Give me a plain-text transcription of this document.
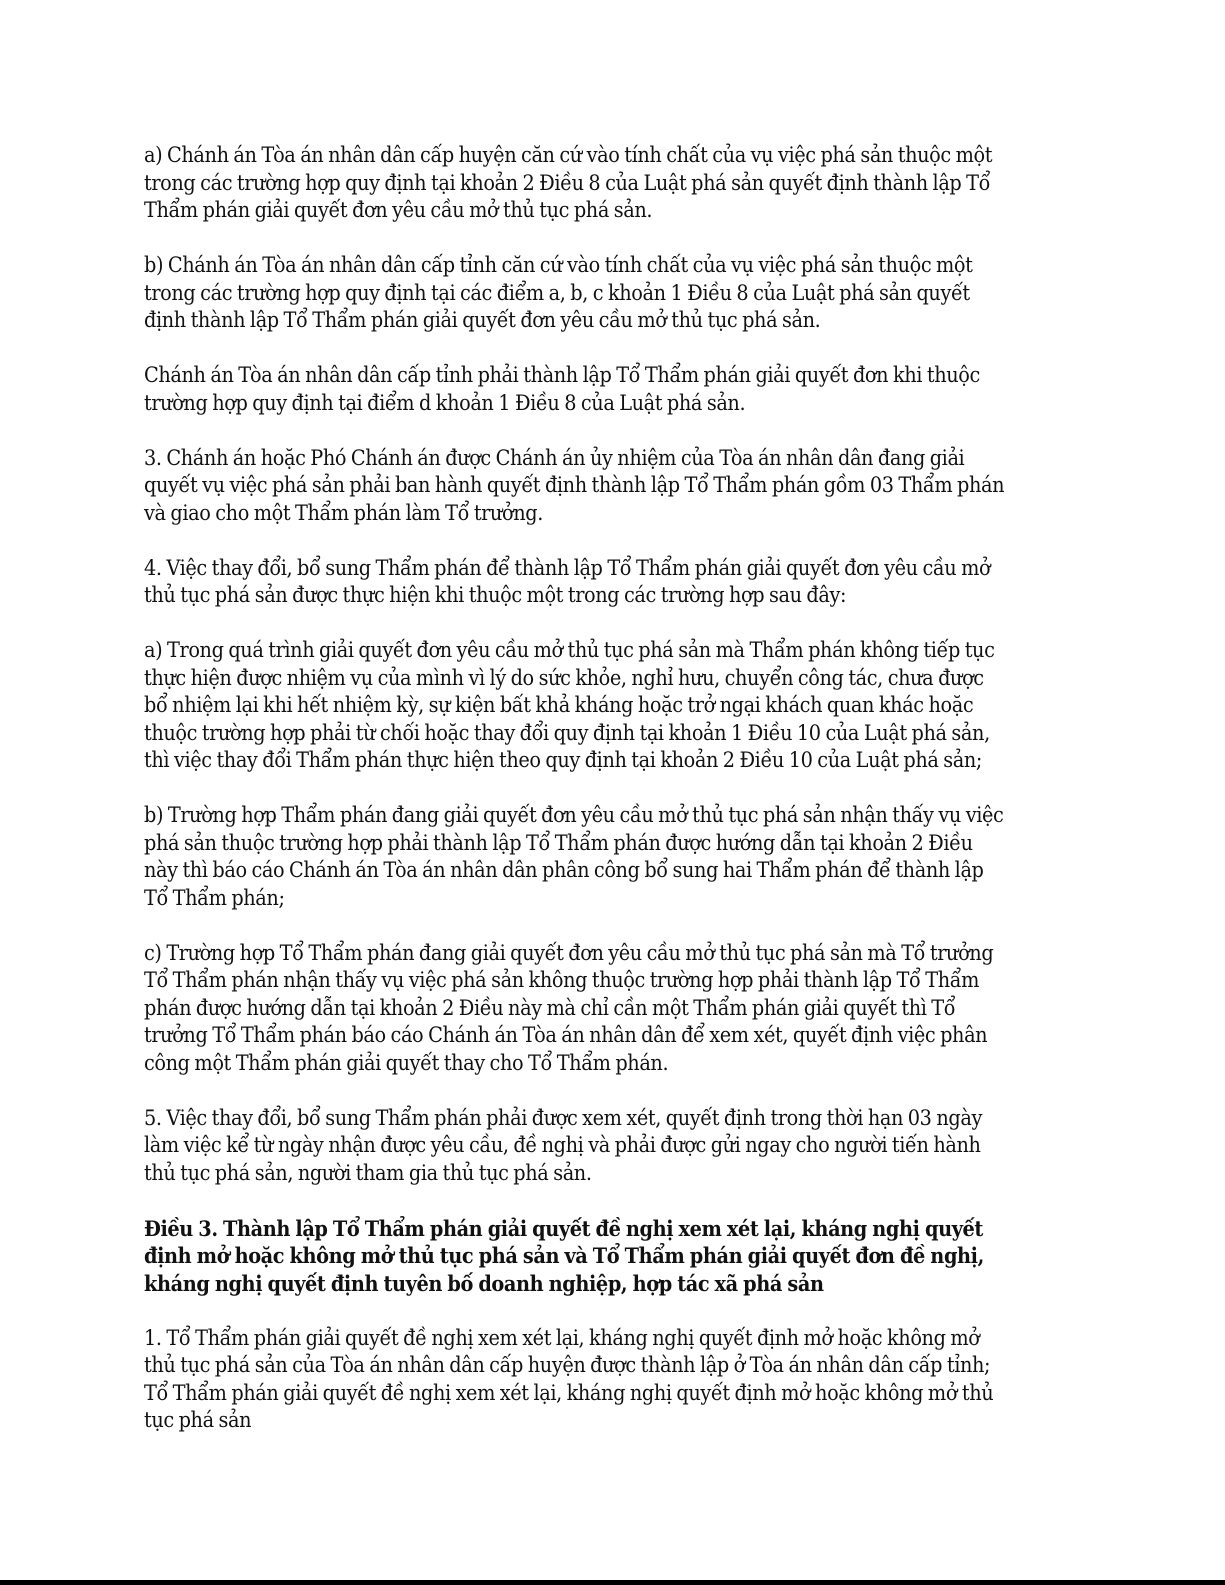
a) Chánh án Tòa án nhân dân cấp huyện căn cứ vào tính chất của vụ việc phá sản thuộc một trong các trường hợp quy định tại khoản 2 Điều 8 của Luật phá sản quyết định thành lập Tổ Thẩm phán giải quyết đơn yêu cầu mở thủ tục phá sản.

b) Chánh án Tòa án nhân dân cấp tỉnh căn cứ vào tính chất của vụ việc phá sản thuộc một trong các trường hợp quy định tại các điểm a, b, c khoản 1 Điều 8 của Luật phá sản quyết định thành lập Tổ Thẩm phán giải quyết đơn yêu cầu mở thủ tục phá sản.

Chánh án Tòa án nhân dân cấp tỉnh phải thành lập Tổ Thẩm phán giải quyết đơn khi thuộc trường hợp quy định tại điểm d khoản 1 Điều 8 của Luật phá sản.

3. Chánh án hoặc Phó Chánh án được Chánh án ủy nhiệm của Tòa án nhân dân đang giải quyết vụ việc phá sản phải ban hành quyết định thành lập Tổ Thẩm phán gồm 03 Thẩm phán và giao cho một Thẩm phán làm Tổ trưởng.

4. Việc thay đổi, bổ sung Thẩm phán để thành lập Tổ Thẩm phán giải quyết đơn yêu cầu mở thủ tục phá sản được thực hiện khi thuộc một trong các trường hợp sau đây:

a) Trong quá trình giải quyết đơn yêu cầu mở thủ tục phá sản mà Thẩm phán không tiếp tục thực hiện được nhiệm vụ của mình vì lý do sức khỏe, nghỉ hưu, chuyển công tác, chưa được bổ nhiệm lại khi hết nhiệm kỳ, sự kiện bất khả kháng hoặc trở ngại khách quan khác hoặc thuộc trường hợp phải từ chối hoặc thay đổi quy định tại khoản 1 Điều 10 của Luật phá sản, thì việc thay đổi Thẩm phán thực hiện theo quy định tại khoản 2 Điều 10 của Luật phá sản;

b) Trường hợp Thẩm phán đang giải quyết đơn yêu cầu mở thủ tục phá sản nhận thấy vụ việc phá sản thuộc trường hợp phải thành lập Tổ Thẩm phán được hướng dẫn tại khoản 2 Điều này thì báo cáo Chánh án Tòa án nhân dân phân công bổ sung hai Thẩm phán để thành lập Tổ Thẩm phán;

c) Trường hợp Tổ Thẩm phán đang giải quyết đơn yêu cầu mở thủ tục phá sản mà Tổ trưởng Tổ Thẩm phán nhận thấy vụ việc phá sản không thuộc trường hợp phải thành lập Tổ Thẩm phán được hướng dẫn tại khoản 2 Điều này mà chỉ cần một Thẩm phán giải quyết thì Tổ trưởng Tổ Thẩm phán báo cáo Chánh án Tòa án nhân dân để xem xét, quyết định việc phân công một Thẩm phán giải quyết thay cho Tổ Thẩm phán.

5. Việc thay đổi, bổ sung Thẩm phán phải được xem xét, quyết định trong thời hạn 03 ngày làm việc kể từ ngày nhận được yêu cầu, đề nghị và phải được gửi ngay cho người tiến hành thủ tục phá sản, người tham gia thủ tục phá sản.

Điều 3. Thành lập Tổ Thẩm phán giải quyết đề nghị xem xét lại, kháng nghị quyết định mở hoặc không mở thủ tục phá sản và Tổ Thẩm phán giải quyết đơn đề nghị, kháng nghị quyết định tuyên bố doanh nghiệp, hợp tác xã phá sản

1. Tổ Thẩm phán giải quyết đề nghị xem xét lại, kháng nghị quyết định mở hoặc không mở thủ tục phá sản của Tòa án nhân dân cấp huyện được thành lập ở Tòa án nhân dân cấp tỉnh; Tổ Thẩm phán giải quyết đề nghị xem xét lại, kháng nghị quyết định mở hoặc không mở thủ tục phá sản
